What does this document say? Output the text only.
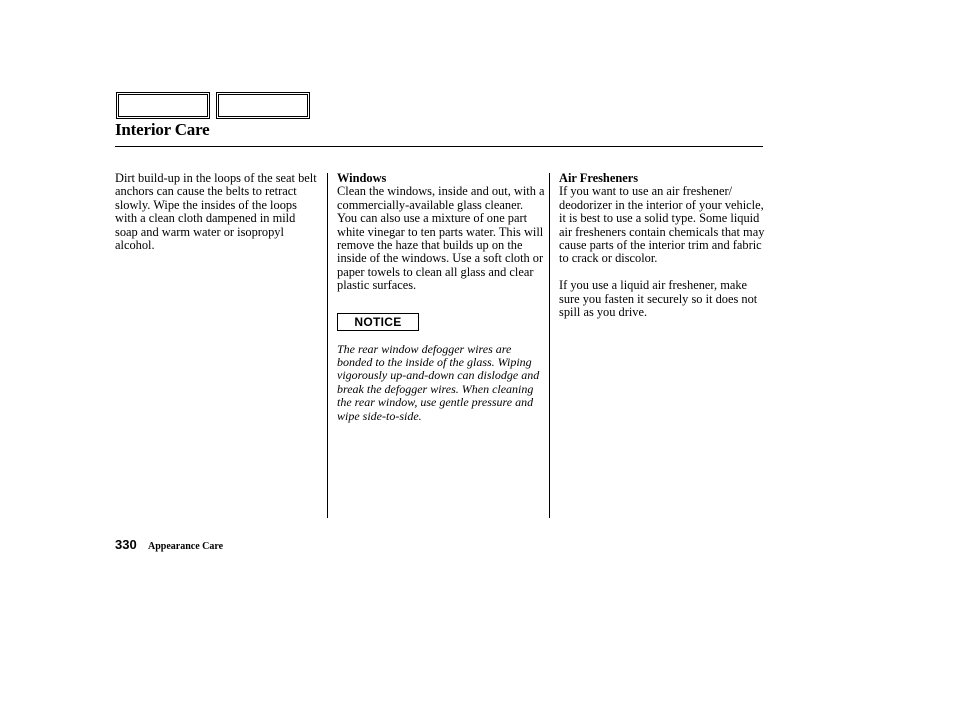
Interior Care

Dirt build-up in the loops of the seat belt anchors can cause the belts to retract slowly. Wipe the insides of the loops with a clean cloth dampened in mild soap and warm water or isopropyl alcohol.

Windows

Clean the windows, inside and out, with a commercially-available glass cleaner. You can also use a mixture of one part white vinegar to ten parts water. This will remove the haze that builds up on the inside of the windows. Use a soft cloth or paper towels to clean all glass and clear plastic surfaces.

NOTICE

The rear window defogger wires are bonded to the inside of the glass. Wiping vigorously up-and-down can dislodge and break the defogger wires. When cleaning the rear window, use gentle pressure and wipe side-to-side.

Air Fresheners

If you want to use an air freshener/ deodorizer in the interior of your vehicle, it is best to use a solid type. Some liquid air fresheners contain chemicals that may cause parts of the interior trim and fabric to crack or discolor.

If you use a liquid air freshener, make sure you fasten it securely so it does not spill as you drive.

330 Appearance Care
